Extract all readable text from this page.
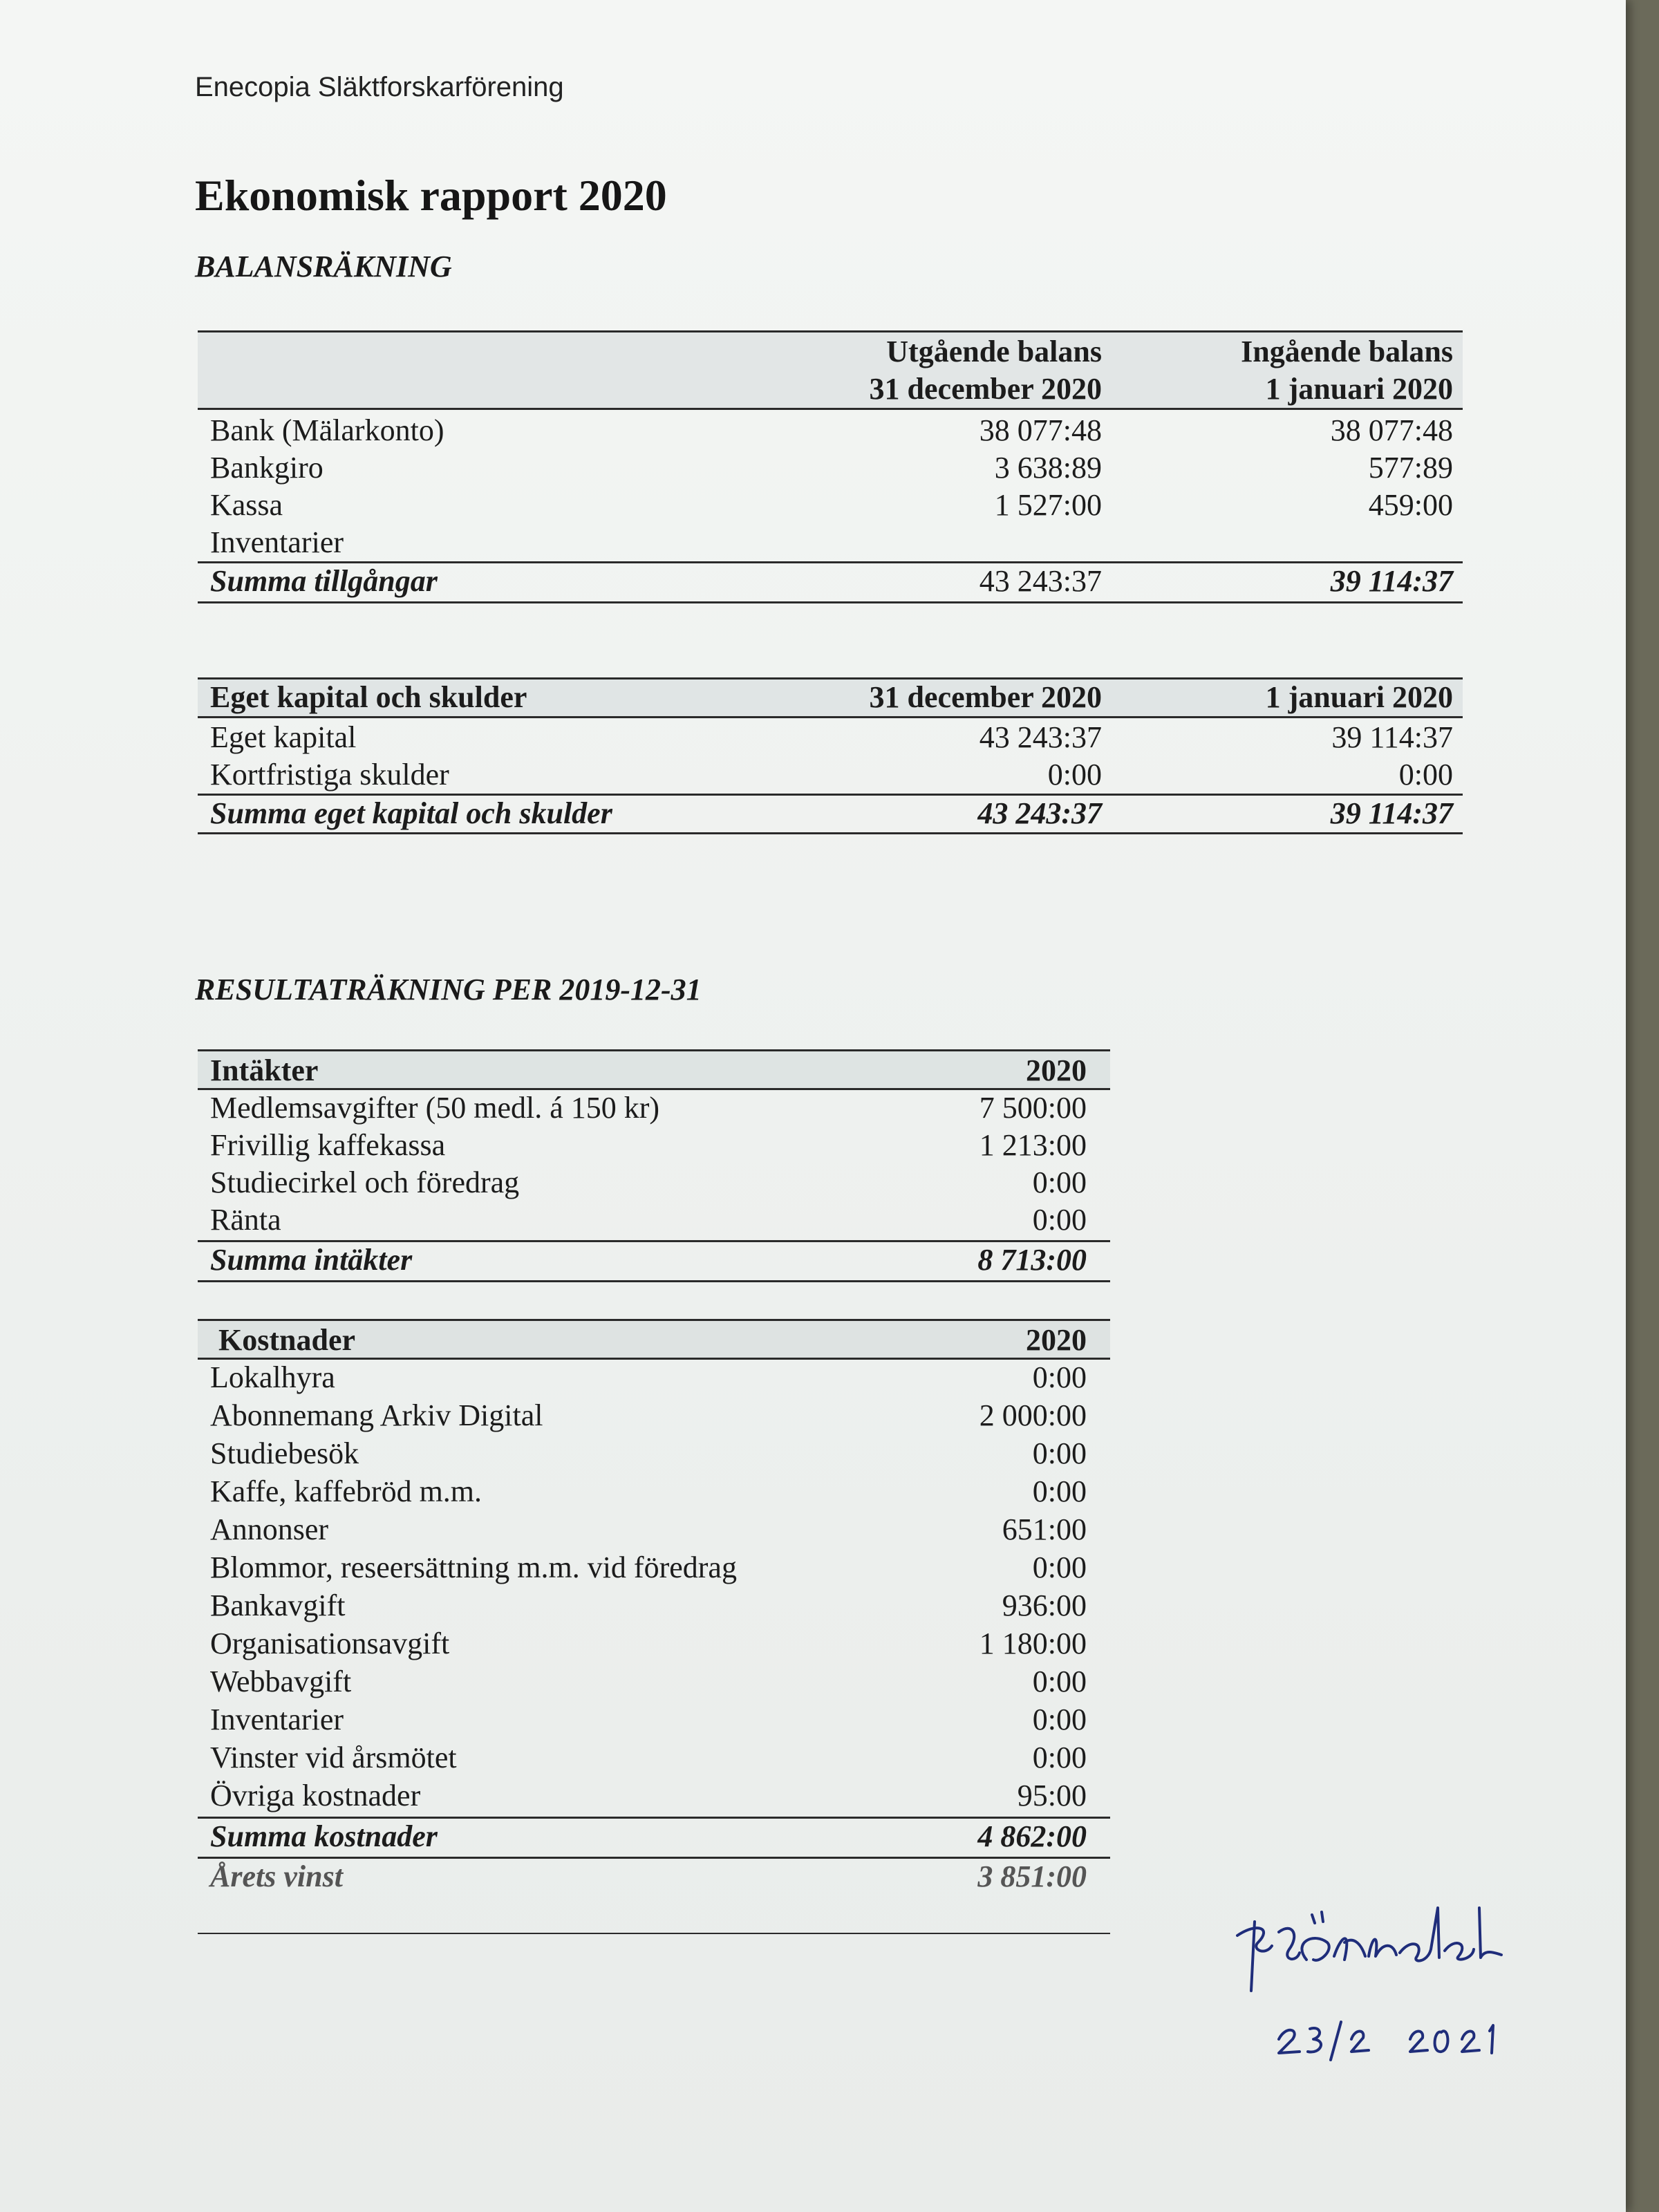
Enecopia Släktforskarförening
Ekonomisk rapport 2020
BALANSRÄKNING
Utgående balans	Ingående balans
31 december 2020	1 januari 2020
Bank (Mälarkonto)	38 077:48	38 077:48
Bankgiro	3 638:89	577:89
Kassa	1 527:00	459:00
Inventarier
Summa tillgångar	43 243:37	39 114:37
Eget kapital och skulder	31 december 2020	1 januari 2020
Eget kapital	43 243:37	39 114:37
Kortfristiga skulder	0:00	0:00
Summa eget kapital och skulder	43 243:37	39 114:37
RESULTATRÄKNING PER 2019-12-31
Intäkter	2020
Medlemsavgifter (50 medl. á 150 kr)	7 500:00
Frivillig kaffekassa	1 213:00
Studiecirkel och föredrag	0:00
Ränta	0:00
Summa intäkter	8 713:00
Kostnader	2020
Lokalhyra	0:00
Abonnemang Arkiv Digital	2 000:00
Studiebesök	0:00
Kaffe, kaffebröd m.m.	0:00
Annonser	651:00
Blommor, reseersättning m.m. vid föredrag	0:00
Bankavgift	936:00
Organisationsavgift	1 180:00
Webbavgift	0:00
Inventarier	0:00
Vinster vid årsmötet	0:00
Övriga kostnader	95:00
Summa kostnader	4 862:00
Årets vinst	3 851:00
